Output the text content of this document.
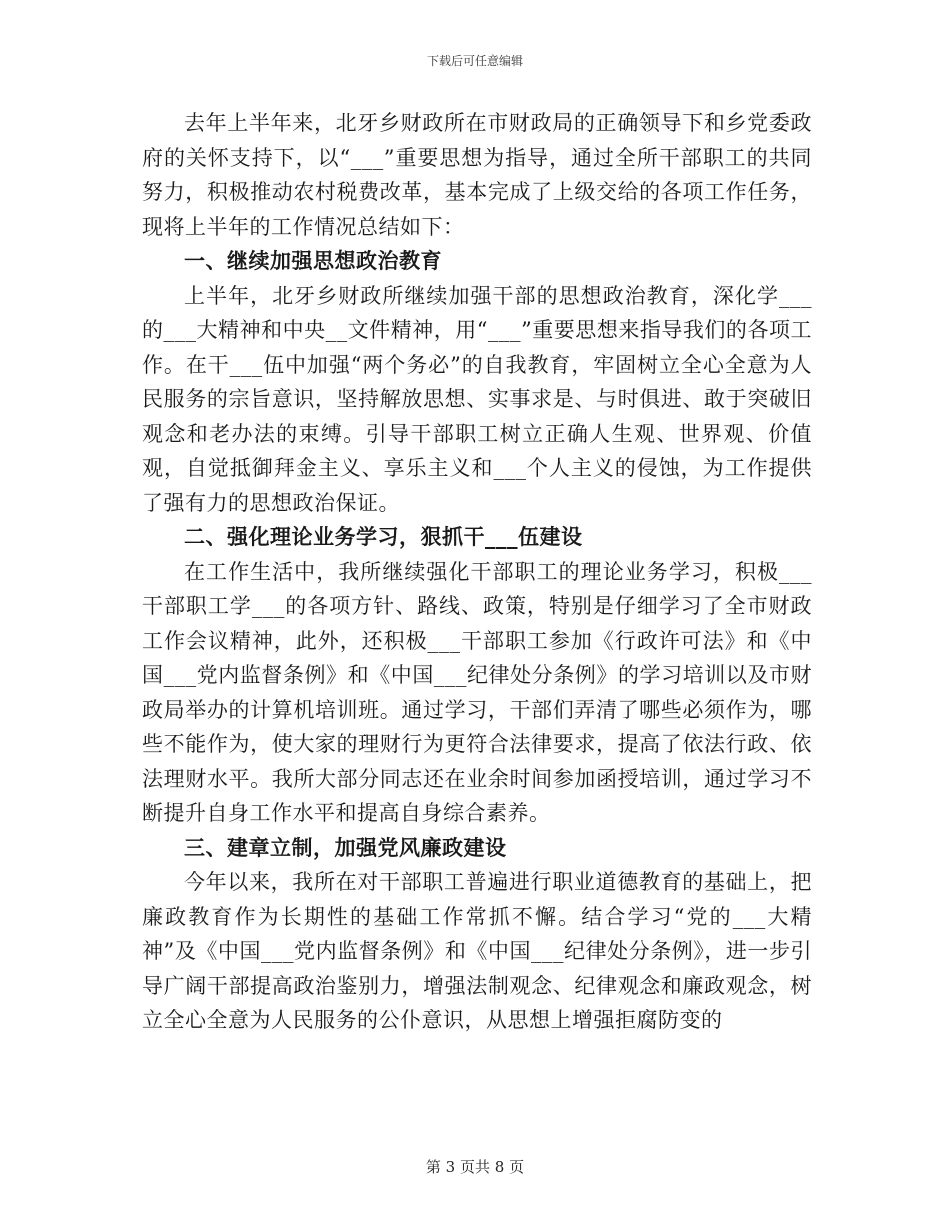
下载后可任意编辑

去年上半年来，北牙乡财政所在市财政局的正确领导下和乡党委政府的关怀支持下，以“___”重要思想为指导，通过全所干部职工的共同努力，积极推动农村税费改革，基本完成了上级交给的各项工作任务，现将上半年的工作情况总结如下：

一、继续加强思想政治教育

上半年，北牙乡财政所继续加强干部的思想政治教育，深化学___的___大精神和中央__文件精神，用“___”重要思想来指导我们的各项工作。在干___伍中加强“两个务必”的自我教育，牢固树立全心全意为人民服务的宗旨意识，坚持解放思想、实事求是、与时俱进、敢于突破旧观念和老办法的束缚。引导干部职工树立正确人生观、世界观、价值观，自觉抵御拜金主义、享乐主义和___个人主义的侵蚀，为工作提供了强有力的思想政治保证。

二、强化理论业务学习，狠抓干___伍建设

在工作生活中，我所继续强化干部职工的理论业务学习，积极___干部职工学___的各项方针、路线、政策，特别是仔细学习了全市财政工作会议精神，此外，还积极___干部职工参加《行政许可法》和《中国___党内监督条例》和《中国___纪律处分条例》的学习培训以及市财政局举办的计算机培训班。通过学习，干部们弄清了哪些必须作为，哪些不能作为，使大家的理财行为更符合法律要求，提高了依法行政、依法理财水平。我所大部分同志还在业余时间参加函授培训，通过学习不断提升自身工作水平和提高自身综合素养。

三、建章立制，加强党风廉政建设

今年以来，我所在对干部职工普遍进行职业道德教育的基础上，把廉政教育作为长期性的基础工作常抓不懈。结合学习“党的___大精神”及《中国___党内监督条例》和《中国___纪律处分条例》，进一步引导广阔干部提高政治鉴别力，增强法制观念、纪律观念和廉政观念，树立全心全意为人民服务的公仆意识，从思想上增强拒腐防变的

第 3 页共 8 页
